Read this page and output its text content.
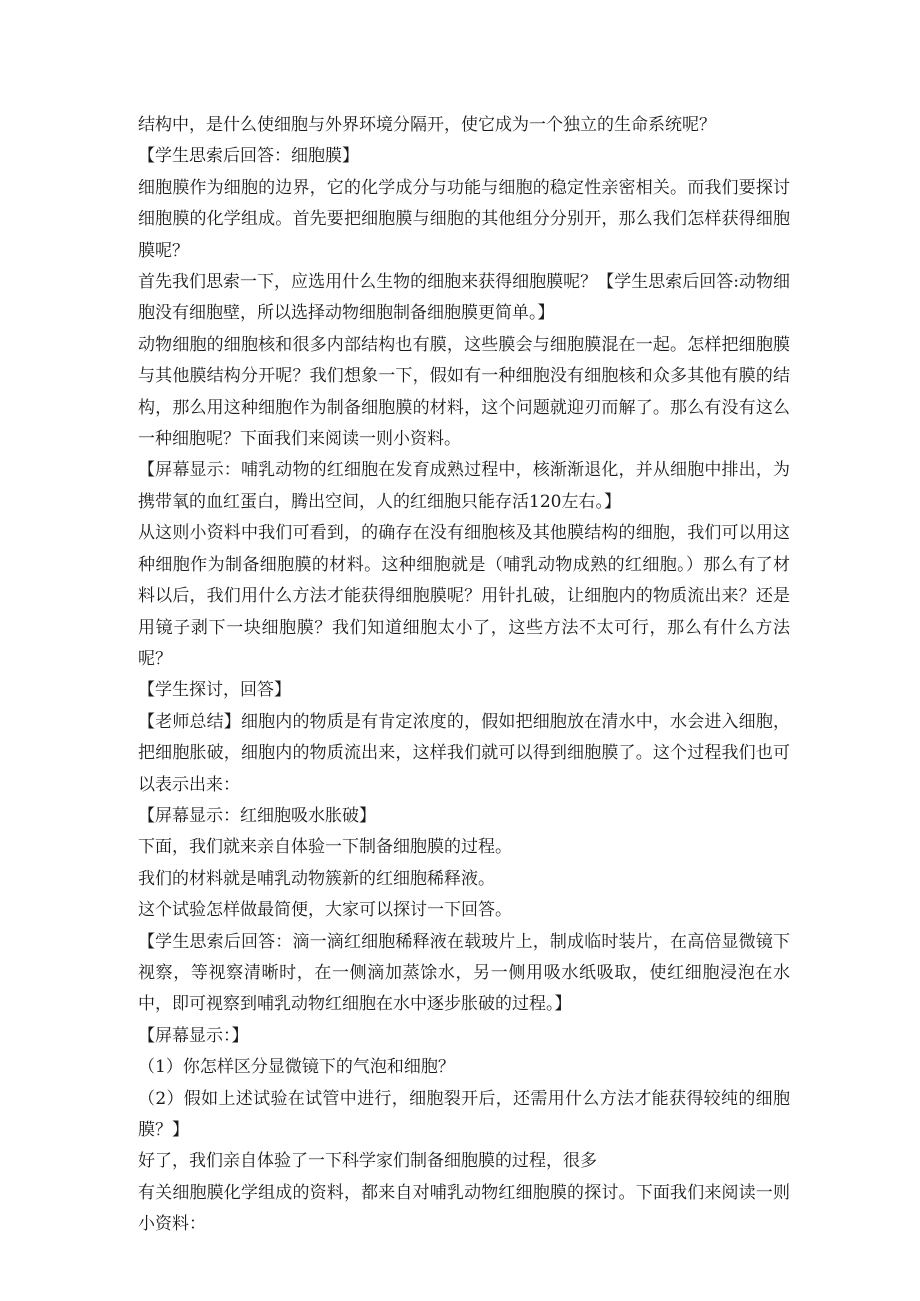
结构中，是什么使细胞与外界环境分隔开，使它成为一个独立的生命系统呢？

【学生思索后回答：细胞膜】

细胞膜作为细胞的边界，它的化学成分与功能与细胞的稳定性亲密相关。而我们要探讨细胞膜的化学组成。首先要把细胞膜与细胞的其他组分分别开，那么我们怎样获得细胞膜呢？

首先我们思索一下，应选用什么生物的细胞来获得细胞膜呢？【学生思索后回答:动物细胞没有细胞壁，所以选择动物细胞制备细胞膜更简单。】

动物细胞的细胞核和很多内部结构也有膜，这些膜会与细胞膜混在一起。怎样把细胞膜与其他膜结构分开呢？我们想象一下，假如有一种细胞没有细胞核和众多其他有膜的结构，那么用这种细胞作为制备细胞膜的材料，这个问题就迎刃而解了。那么有没有这么一种细胞呢？下面我们来阅读一则小资料。

【屏幕显示：哺乳动物的红细胞在发育成熟过程中，核渐渐退化，并从细胞中排出，为携带氧的血红蛋白，腾出空间，人的红细胞只能存活120左右。】

从这则小资料中我们可看到，的确存在没有细胞核及其他膜结构的细胞，我们可以用这种细胞作为制备细胞膜的材料。这种细胞就是（哺乳动物成熟的红细胞。）那么有了材料以后，我们用什么方法才能获得细胞膜呢？用针扎破，让细胞内的物质流出来？还是用镜子剥下一块细胞膜？我们知道细胞太小了，这些方法不太可行，那么有什么方法呢？

【学生探讨，回答】

【老师总结】细胞内的物质是有肯定浓度的，假如把细胞放在清水中，水会进入细胞，把细胞胀破，细胞内的物质流出来，这样我们就可以得到细胞膜了。这个过程我们也可以表示出来：

【屏幕显示：红细胞吸水胀破】

下面，我们就来亲自体验一下制备细胞膜的过程。

我们的材料就是哺乳动物簇新的红细胞稀释液。

这个试验怎样做最简便，大家可以探讨一下回答。

【学生思索后回答：滴一滴红细胞稀释液在载玻片上，制成临时装片，在高倍显微镜下视察，等视察清晰时，在一侧滴加蒸馀水，另一侧用吸水纸吸取，使红细胞浸泡在水中，即可视察到哺乳动物红细胞在水中逐步胀破的过程。】

【屏幕显示：】

（1）你怎样区分显微镜下的气泡和细胞？

（2）假如上述试验在试管中进行，细胞裂开后，还需用什么方法才能获得较纯的细胞膜？】

好了，我们亲自体验了一下科学家们制备细胞膜的过程，很多

有关细胞膜化学组成的资料，都来自对哺乳动物红细胞膜的探讨。下面我们来阅读一则小资料：
